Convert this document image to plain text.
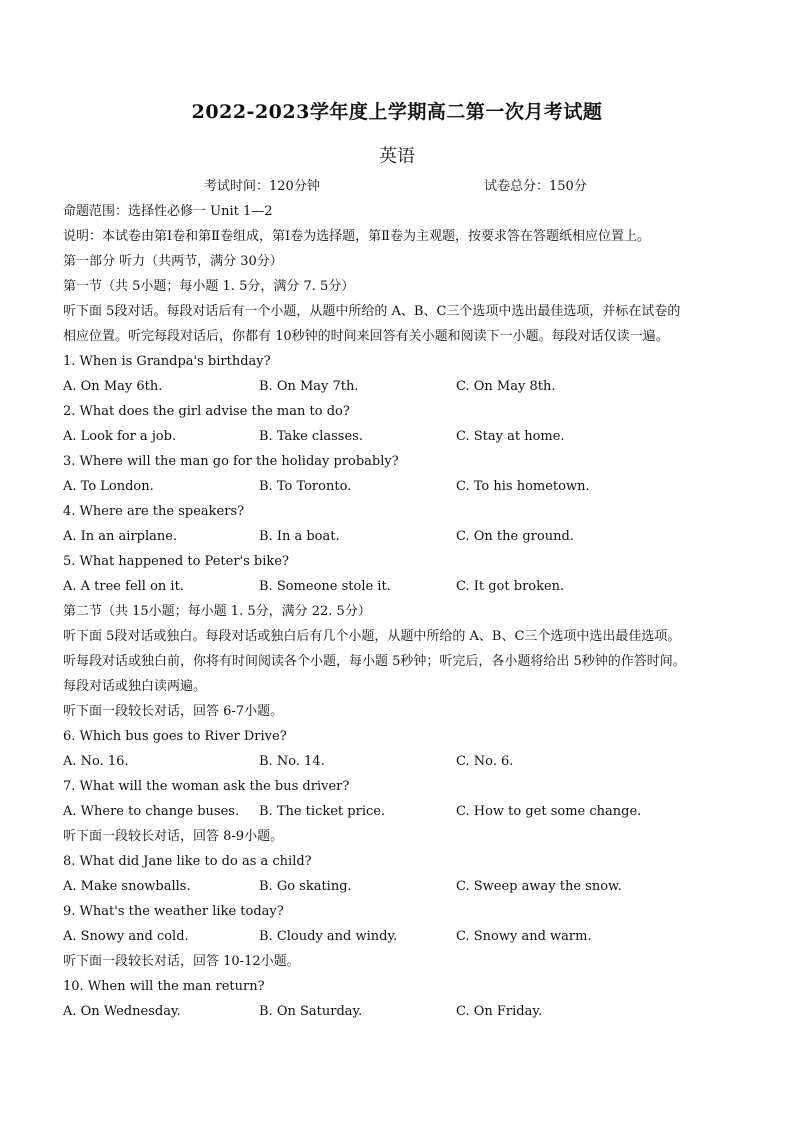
2022-2023学年度上学期高二第一次月考试题
英语
考试时间：120分钟	试卷总分：150分
命题范围：选择性必修一 Unit 1—2
说明：本试卷由第Ⅰ卷和第Ⅱ卷组成，第Ⅰ卷为选择题，第Ⅱ卷为主观题，按要求答在答题纸相应位置上。
第一部分 听力（共两节，满分 30分）
第一节（共 5小题；每小题 1. 5分，满分 7. 5分）
听下面 5段对话。每段对话后有一个小题，从题中所给的 A、B、C三个选项中选出最佳选项，并标在试卷的
相应位置。听完每段对话后，你都有 10秒钟的时间来回答有关小题和阅读下一小题。每段对话仅读一遍。
1. When is Grandpa's birthday?
A. On May 6th.	B. On May 7th.	C. On May 8th.
2. What does the girl advise the man to do?
A. Look for a job.	B. Take classes.	C. Stay at home.
3. Where will the man go for the holiday probably?
A. To London.	B. To Toronto.	C. To his hometown.
4. Where are the speakers?
A. In an airplane.	B. In a boat.	C. On the ground.
5. What happened to Peter's bike?
A. A tree fell on it.	B. Someone stole it.	C. It got broken.
第二节（共 15小题；每小题 1. 5分，满分 22. 5分）
听下面 5段对话或独白。每段对话或独白后有几个小题，从题中所给的 A、B、C三个选项中选出最佳选项。
听每段对话或独白前，你将有时间阅读各个小题，每小题 5秒钟；听完后，各小题将给出 5秒钟的作答时间。
每段对话或独白读两遍。
听下面一段较长对话，回答 6-7小题。
6. Which bus goes to River Drive?
A. No. 16.	B. No. 14.	C. No. 6.
7. What will the woman ask the bus driver?
A. Where to change buses. B. The ticket price.	C. How to get some change.
听下面一段较长对话，回答 8-9小题。
8. What did Jane like to do as a child?
A. Make snowballs.	B. Go skating.	C. Sweep away the snow.
9. What's the weather like today?
A. Snowy and cold.	B. Cloudy and windy.	C. Snowy and warm.
听下面一段较长对话，回答 10-12小题。
10. When will the man return?
A. On Wednesday.	B. On Saturday.	C. On Friday.
